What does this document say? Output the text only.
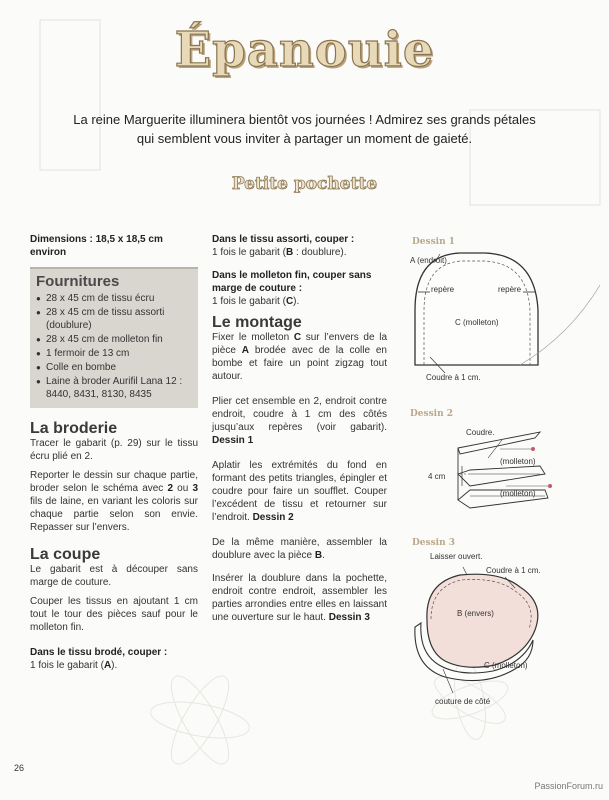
Épanouie
La reine Marguerite illuminera bientôt vos journées ! Admirez ses grands pétales
qui semblent vous inviter à partager un moment de gaieté.
Petite pochette
Dimensions : 18,5 x 18,5 cm environ
Fournitures
● 28 x 45 cm de tissu écru
● 28 x 45 cm de tissu assorti (doublure)
● 28 x 45 cm de molleton fin
● 1 fermoir de 13 cm
● Colle en bombe
● Laine à broder Aurifil Lana 12 : 8440, 8431, 8130, 8435
La broderie

Tracer le gabarit (p. 29) sur le tissu écru plié en 2.

Reporter le dessin sur chaque partie, broder selon le schéma avec 2 ou 3 fils de laine, en variant les coloris sur chaque partie selon son envie. Repasser sur l’envers.

La coupe

Le gabarit est à découper sans marge de couture.

Couper les tissus en ajoutant 1 cm tout le tour des pièces sauf pour le molleton fin.

Dans le tissu brodé, couper :
1 fois le gabarit (A).
Dans le tissu assorti, couper :

1 fois le gabarit (B : doublure).

Dans le molleton fin, couper sans marge de couture :

1 fois le gabarit (C).

Le montage

Fixer le molleton C sur l’envers de la pièce A brodée avec de la colle en bombe et faire un point zigzag tout autour.

Plier cet ensemble en 2, endroit contre endroit, coudre à 1 cm des côtés jusqu’aux repères (voir gabarit). Dessin 1

Aplatir les extrémités du fond en formant des petits triangles, épingler et coudre pour faire un soufflet. Couper l’excédent de tissu et retourner sur l’endroit. Dessin 2

De la même manière, assembler la doublure avec la pièce B.

Insérer la doublure dans la pochette, endroit contre endroit, assembler les parties arrondies entre elles en laissant une ouverture sur le haut. Dessin 3

Dessin 1
A (endroit)
repère	repère
C (molleton)
Coudre à 1 cm.
Dessin 2
Coudre.
(molleton)
(molleton)
4 cm
Dessin 3
Laisser ouvert.
Coudre à 1 cm.
B (envers)
C (molleton)
couture de côté
26
PassionForum.ru
